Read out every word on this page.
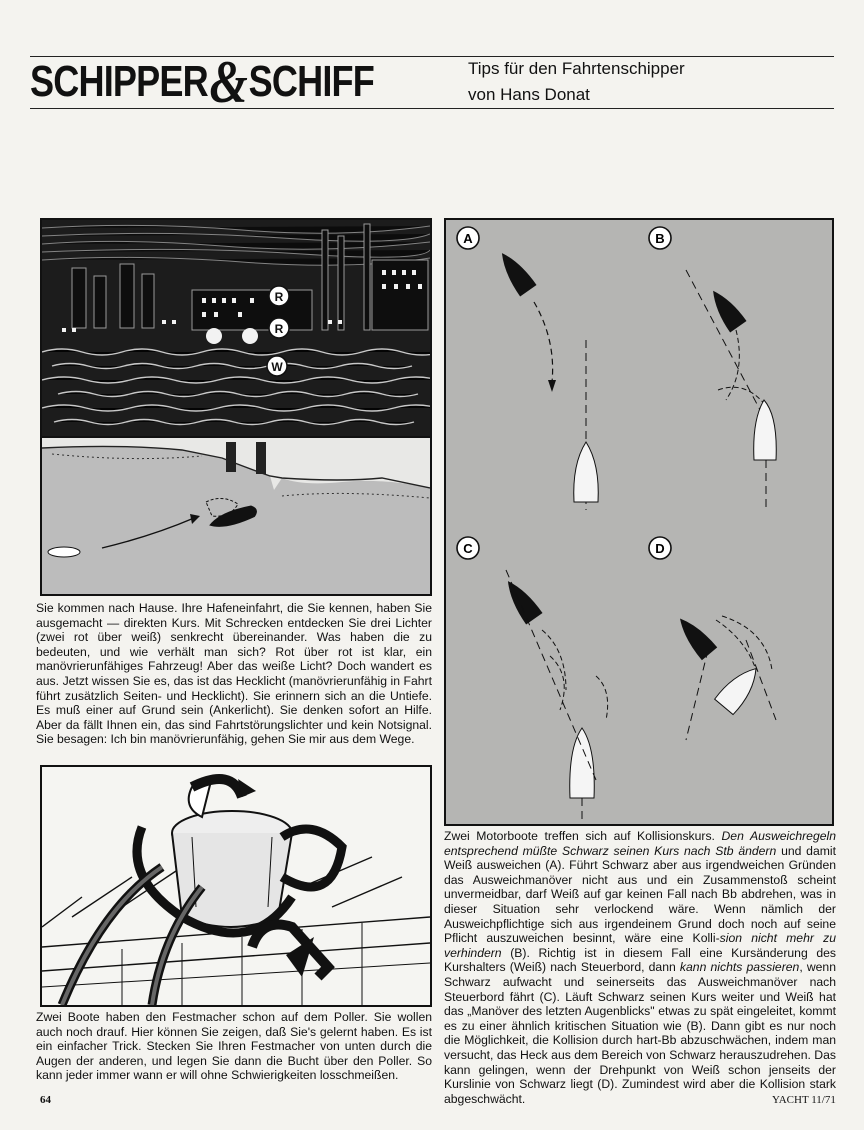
SCHIPPER&SCHIFF	Tips für den Fahrtenschipper
von Hans Donat
R
R
W
Sie kommen nach Hause. Ihre Hafeneinfahrt, die Sie kennen, haben Sie ausgemacht — direkten Kurs. Mit Schrecken entdecken Sie drei Lichter (zwei rot über weiß) senkrecht übereinander. Was haben die zu bedeuten, und wie verhält man sich? Rot über rot ist klar, ein manövrierunfähiges Fahrzeug! Aber das weiße Licht? Doch wandert es aus. Jetzt wissen Sie es, das ist das Hecklicht (manövrierunfähig in Fahrt führt zusätzlich Seiten- und Hecklicht). Sie erinnern sich an die Untiefe. Es muß einer auf Grund sein (Ankerlicht). Sie denken sofort an Hilfe. Aber da fällt Ihnen ein, das sind Fahrtstörungslichter und kein Notsignal. Sie besagen: Ich bin manövrierunfähig, gehen Sie mir aus dem Wege.
Zwei Boote haben den Festmacher schon auf dem Poller. Sie wollen auch noch drauf. Hier können Sie zeigen, daß Sie's gelernt haben. Es ist ein einfacher Trick. Stecken Sie Ihren Festmacher von unten durch die Augen der anderen, und legen Sie dann die Bucht über den Poller. So kann jeder immer wann er will ohne Schwierigkeiten losschmeißen.
A	B
C	D
Zwei Motorboote treffen sich auf Kollisionskurs. Den Ausweichregeln entsprechend müßte Schwarz seinen Kurs nach Stb ändern und damit Weiß ausweichen (A). Führt Schwarz aber aus irgendweichen Gründen das Ausweichmanöver nicht aus und ein Zusammenstoß scheint unvermeidbar, darf Weiß auf gar keinen Fall nach Bb abdrehen, was in dieser Situation sehr verlockend wäre. Wenn nämlich der Ausweichpflichtige sich aus irgendeinem Grund doch noch auf seine Pflicht auszuweichen besinnt, wäre eine Kolli-sion nicht mehr zu verhindern (B). Richtig ist in diesem Fall eine Kursänderung des Kurshalters (Weiß) nach Steuerbord, dann kann nichts passieren, wenn Schwarz aufwacht und seinerseits das Ausweichmanöver nach Steuerbord fährt (C). Läuft Schwarz seinen Kurs weiter und Weiß hat das „Manöver des letzten Augenblicks" etwas zu spät eingeleitet, kommt es zu einer ähnlich kritischen Situation wie (B). Dann gibt es nur noch die Möglichkeit, die Kollision durch hart-Bb abzuschwächen, indem man versucht, das Heck aus dem Bereich von Schwarz herauszudrehen. Das kann gelingen, wenn der Drehpunkt von Weiß schon jenseits der Kurslinie von Schwarz liegt (D). Zumindest wird aber die Kollision stark abgeschwächt.
64	YACHT 11/71
